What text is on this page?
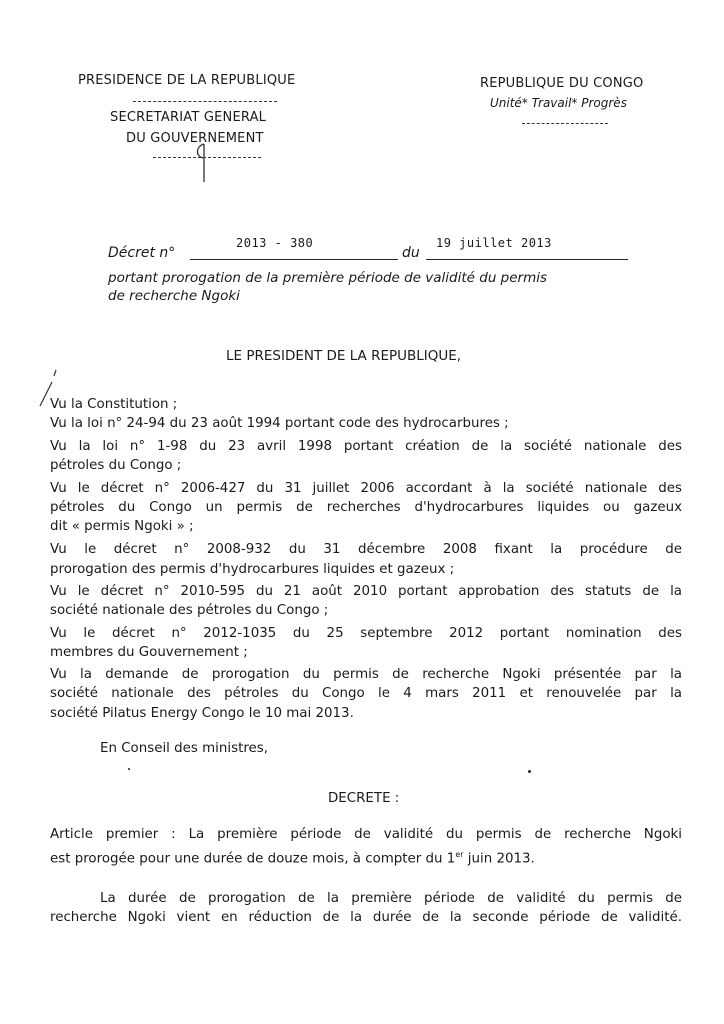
PRESIDENCE DE LA REPUBLIQUE
SECRETARIAT GENERAL
DU GOUVERNEMENT
REPUBLIQUE DU CONGO
Unité* Travail* Progrès
Décret n°
2013 - 380
du
19 juillet 2013
portant prorogation de la première période de validité du permis
de recherche Ngoki
LE PRESIDENT DE LA REPUBLIQUE,
Vu la Constitution ;
Vu la loi n° 24-94 du 23 août 1994 portant code des hydrocarbures ;
Vu la loi n° 1-98 du 23 avril 1998 portant création de la société nationale des
pétroles du Congo ;
Vu le décret n° 2006-427 du 31 juillet 2006 accordant à la société nationale des
pétroles du Congo un permis de recherches d'hydrocarbures liquides ou gazeux
dit « permis Ngoki » ;
Vu le décret n° 2008-932 du 31 décembre 2008 fixant la procédure de
prorogation des permis d'hydrocarbures liquides et gazeux ;
Vu le décret n° 2010-595 du 21 août 2010 portant approbation des statuts de la
société nationale des pétroles du Congo ;
Vu le décret n° 2012-1035 du 25 septembre 2012 portant nomination des
membres du Gouvernement ;
Vu la demande de prorogation du permis de recherche Ngoki présentée par la
société nationale des pétroles du Congo le 4 mars 2011 et renouvelée par la
société Pilatus Energy Congo le 10 mai 2013.
En Conseil des ministres,
DECRETE :
Article premier : La première période de validité du permis de recherche Ngoki
est prorogée pour une durée de douze mois, à compter du 1er juin 2013.
La durée de prorogation de la première période de validité du permis de
recherche Ngoki vient en réduction de la durée de la seconde période de validité.
